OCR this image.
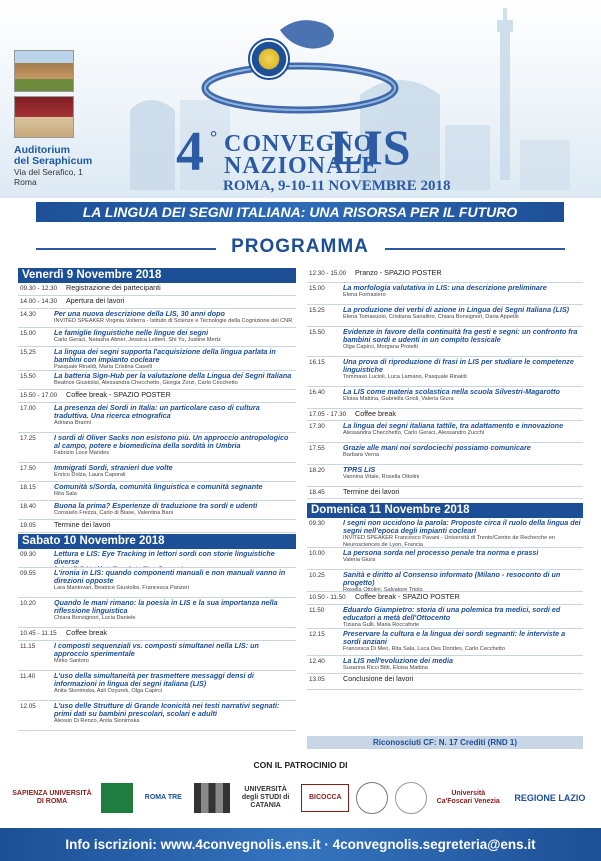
Auditorium
del Seraphicum
Via del Serafico, 1
Roma	4 ° CONVEGNO
NAZIONALE
LIS
ROMA, 9-10-11 NOVEMBRE 2018
LA LINGUA DEI SEGNI ITALIANA: UNA RISORSA PER IL FUTURO
PROGRAMMA
Venerdì 9 Novembre 2018
09.30 - 12.30	Registrazione dei partecipanti
14.00 - 14.30	Apertura dei lavori
14.30	Per una nuova descrizione della LIS, 30 anni dopo
INVITED SPEAKER Virginia Volterra - Istituto di Scienze e Tecnologie della Cognizione del CNR
15.00	Le famiglie linguistiche nelle lingue dei segni
Carlo Geraci, Natasha Abner, Jessica Lettieri, Shi Yu, Justine Mertz
15.25	La lingua dei segni supporta l'acquisizione della lingua parlata in bambini con impianto cocleare
Pasquale Rinaldi, Maria Cristina Caselli
15.50	La batteria Sign-Hub per la valutazione della Lingua dei Segni Italiana
Beatrice Giustolisi, Alessandra Checchetto, Giorgia Zorzi, Carlo Cecchetto
15.50 - 17.00	Coffee break - SPAZIO POSTER
17.00	La presenza dei Sordi in Italia: un particolare caso di cultura traduttiva. Una ricerca etnografica
Adriana Branni
17.25	I sordi di Oliver Sacks non esistono più. Un approccio antropologico al campo, potere e biomedicina della sordità in Umbria
Fabrizio Loce Mandes
17.50	Immigrati Sordi, stranieri due volte
Enrico Dolza, Laura Caporali
18.15	Comunità s/Sorda, comunità linguistica e comunità segnante
Rita Sala
18.40	Buona la prima? Esperienze di traduzione tra sordi e udenti
Consuelo Frezza, Carlo di Biase, Valentina Bani
19.05	Termine dei lavori
Sabato 10 Novembre 2018
09.30	Lettura e LIS: Eye Tracking in lettori sordi con storie linguistiche diverse
09.55	L'ironia in LIS: quando componenti manuali e non manuali vanno in direzioni opposte
Lara Mantovan, Beatrice Giustolisi, Francesca Panzeri
10.20	Quando le mani rimano: la poesia in LIS e la sua importanza nella riflessione linguistica
Chiara Bonsignori, Lucia Daniele
10.45 - 11.15	Coffee break
11.15	I composti sequenziali vs. composti simultanei nella LIS: un approccio sperimentale
Mirko Santoro
11.40	L'uso della simultaneità per trasmettere messaggi densi di informazioni in lingua dei segni italiana (LIS)
Anita Slonimska, Asli Ozyurek, Olga Capirci
12.05	L'uso delle Strutture di Grande Iconicità nei testi narrativi segnati: primi dati su bambini prescolari, scolari e adulti
Alessio Di Renzo, Anita Slonimska
12.30 - 15.00	Pranzo - SPAZIO POSTER
15.00	La morfologia valutativa in LIS: una descrizione preliminare
Elena Fornasiero
15.25	La produzione dei verbi di azione in Lingua dei Segni Italiana (LIS)
Elena Tomasuolo, Cristiana Sanalitro, Chiara Bonsignori, Daria Appetiti
15.50	Evidenze in favore della continuità fra gesti e segni: un confronto fra bambini sordi e udenti in un compito lessicale
Olga Capirci, Morgana Proietti
16.15	Una prova di riproduzione di frasi in LIS per studiare le competenze linguistiche
Tommaso Lucioli, Luca Lamano, Pasquale Rinaldi
16.40	La LIS come materia scolastica nella scuola Silvestri-Magarotto
Eloisa Mattina, Gabriella Grioli, Valeria Giura
17.05 - 17.30	Coffee break
17.30	La lingua dei segni italiana tattile, tra adattamento e innovazione
Alessandra Checchetto, Carlo Geraci, Alessandro Zucchi
17.55	Grazie alle mani noi sordociechi possiamo comunicare
Barbara Verna
18.20	TPRS LIS
Vannina Vitale, Rosella Ottolini
18.45	Termine dei lavori
Domenica 11 Novembre 2018
09.30	I segni non uccidono la parola: Proposte circa il ruolo della lingua dei segni nell'epoca degli impianti cocleari
INVITED SPEAKER Francesco Pavani - Università di Trento/Centre de Recherche en Neurosciences de Lyon, Francia
10.00	La persona sorda nel processo penale tra norma e prassi
Valeria Giura
10.25	Sanità e diritto al Consenso informato (Milano - resoconto di un progetto)
Rosella Ottolini, Salvatore Triolo
10.50 - 11.50	Coffee break - SPAZIO POSTER
11.50	Eduardo Giampietro: storia di una polemica tra medici, sordi ed educatori a metà dell'Ottocento
Tiziana Gulli, Maria Roccaforte
12.15	Preservare la cultura e la lingua dei sordi segnanti: le interviste a sordi anziani
Francesca Di Meo, Rita Sala, Luca Des Dorides, Carlo Cecchetto
12.40	La LIS nell'evoluzione dei media
Susanna Ricci Bitti, Eloisa Mattina
13.05	Conclusione dei lavori
Riconosciuti CF: N. 17 Crediti (RND 1)
CON IL PATROCINIO DI
SAPIENZA UNIVERSITÀ DI ROMA
ROMA TRE
UNIVERSITÀ degli STUDI di CATANIA
BICOCCA
Università Ca'Foscari Venezia	REGIONE LAZIO
Info iscrizioni: www.4convegnolis.ens.it · 4convegnolis.segreteria@ens.it
